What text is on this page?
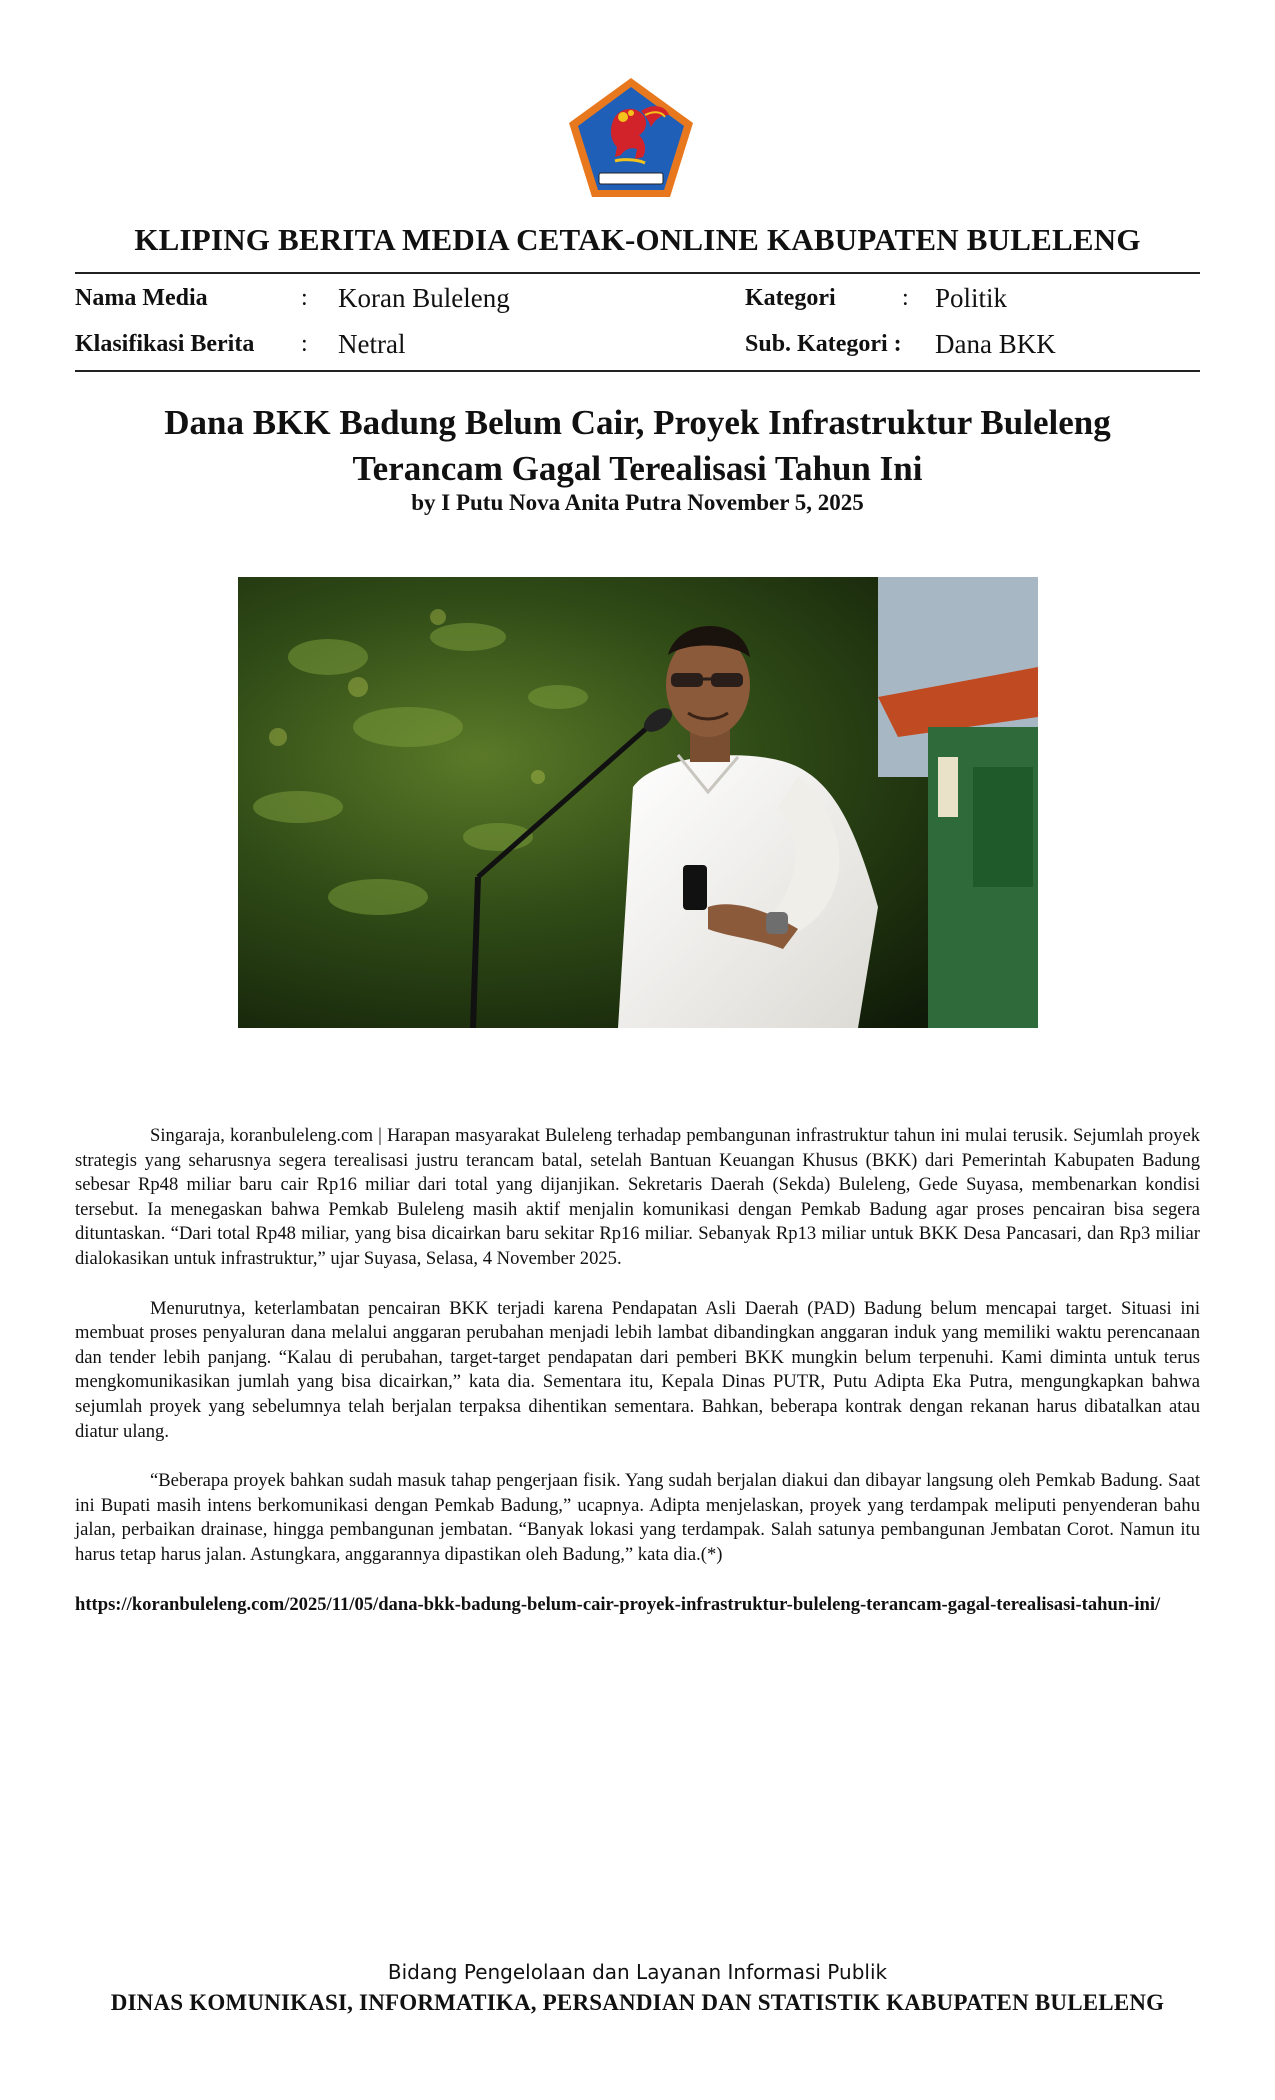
KLIPING BERITA MEDIA CETAK-ONLINE KABUPATEN BULELENG
Nama Media	: Koran Buleleng	Kategori	: Politik
Klasifikasi Berita : Netral	Sub. Kategori : Dana BKK
Dana BKK Badung Belum Cair, Proyek Infrastruktur Buleleng
Terancam Gagal Terealisasi Tahun Ini
by I Putu Nova Anita Putra November 5, 2025

Singaraja, koranbuleleng.com | Harapan masyarakat Buleleng terhadap pembangunan infrastruktur tahun ini mulai terusik. Sejumlah proyek strategis yang seharusnya segera terealisasi justru terancam batal, setelah Bantuan Keuangan Khusus (BKK) dari Pemerintah Kabupaten Badung sebesar Rp48 miliar baru cair Rp16 miliar dari total yang dijanjikan. Sekretaris Daerah (Sekda) Buleleng, Gede Suyasa, membenarkan kondisi tersebut. Ia menegaskan bahwa Pemkab Buleleng masih aktif menjalin komunikasi dengan Pemkab Badung agar proses pencairan bisa segera dituntaskan. “Dari total Rp48 miliar, yang bisa dicairkan baru sekitar Rp16 miliar. Sebanyak Rp13 miliar untuk BKK Desa Pancasari, dan Rp3 miliar dialokasikan untuk infrastruktur,” ujar Suyasa, Selasa, 4 November 2025.

Menurutnya, keterlambatan pencairan BKK terjadi karena Pendapatan Asli Daerah (PAD) Badung belum mencapai target. Situasi ini membuat proses penyaluran dana melalui anggaran perubahan menjadi lebih lambat dibandingkan anggaran induk yang memiliki waktu perencanaan dan tender lebih panjang. “Kalau di perubahan, target-target pendapatan dari pemberi BKK mungkin belum terpenuhi. Kami diminta untuk terus mengkomunikasikan jumlah yang bisa dicairkan,” kata dia. Sementara itu, Kepala Dinas PUTR, Putu Adipta Eka Putra, mengungkapkan bahwa sejumlah proyek yang sebelumnya telah berjalan terpaksa dihentikan sementara. Bahkan, beberapa kontrak dengan rekanan harus dibatalkan atau diatur ulang.

“Beberapa proyek bahkan sudah masuk tahap pengerjaan fisik. Yang sudah berjalan diakui dan dibayar langsung oleh Pemkab Badung. Saat ini Bupati masih intens berkomunikasi dengan Pemkab Badung,” ucapnya. Adipta menjelaskan, proyek yang terdampak meliputi penyenderan bahu jalan, perbaikan drainase, hingga pembangunan jembatan. “Banyak lokasi yang terdampak. Salah satunya pembangunan Jembatan Corot. Namun itu harus tetap harus jalan. Astungkara, anggarannya dipastikan oleh Badung,” kata dia.(*)

https://koranbuleleng.com/2025/11/05/dana-bkk-badung-belum-cair-proyek-infrastruktur-buleleng-terancam-gagal-terealisasi-tahun-ini/

Bidang Pengelolaan dan Layanan Informasi Publik
DINAS KOMUNIKASI, INFORMATIKA, PERSANDIAN DAN STATISTIK KABUPATEN BULELENG
